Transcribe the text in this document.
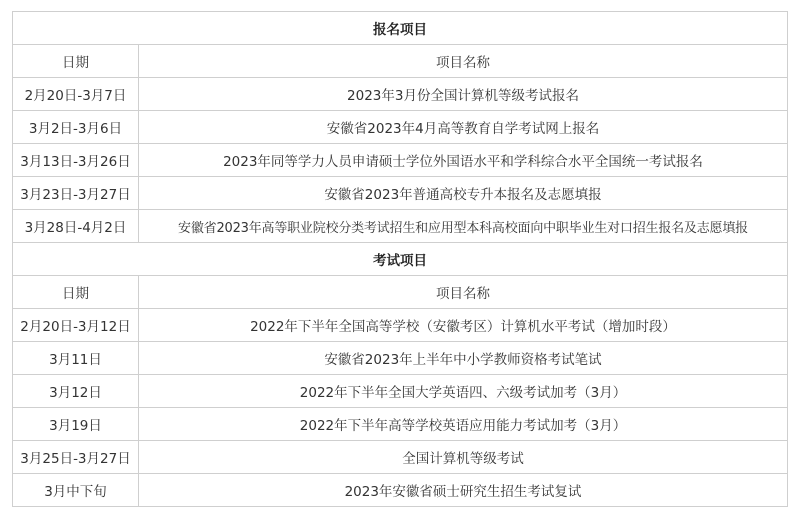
报名项目	
日期	项目名称
2月20日-3月7日	2023年3月份全国计算机等级考试报名
3月2日-3月6日	安徽省2023年4月高等教育自学考试网上报名
3月13日-3月26日	2023年同等学力人员申请硕士学位外国语水平和学科综合水平全国统一考试报名
3月23日-3月27日	安徽省2023年普通高校专升本报名及志愿填报
3月28日-4月2日	安徽省2023年高等职业院校分类考试招生和应用型本科高校面向中职毕业生对口招生报名及志愿填报
考试项目	
日期	项目名称
2月20日-3月12日	2022年下半年全国高等学校（安徽考区）计算机水平考试（增加时段）
3月11日	安徽省2023年上半年中小学教师资格考试笔试
3月12日	2022年下半年全国大学英语四、六级考试加考（3月）
3月19日	2022年下半年高等学校英语应用能力考试加考（3月）
3月25日-3月27日	全国计算机等级考试
3月中下旬	2023年安徽省硕士研究生招生考试复试
